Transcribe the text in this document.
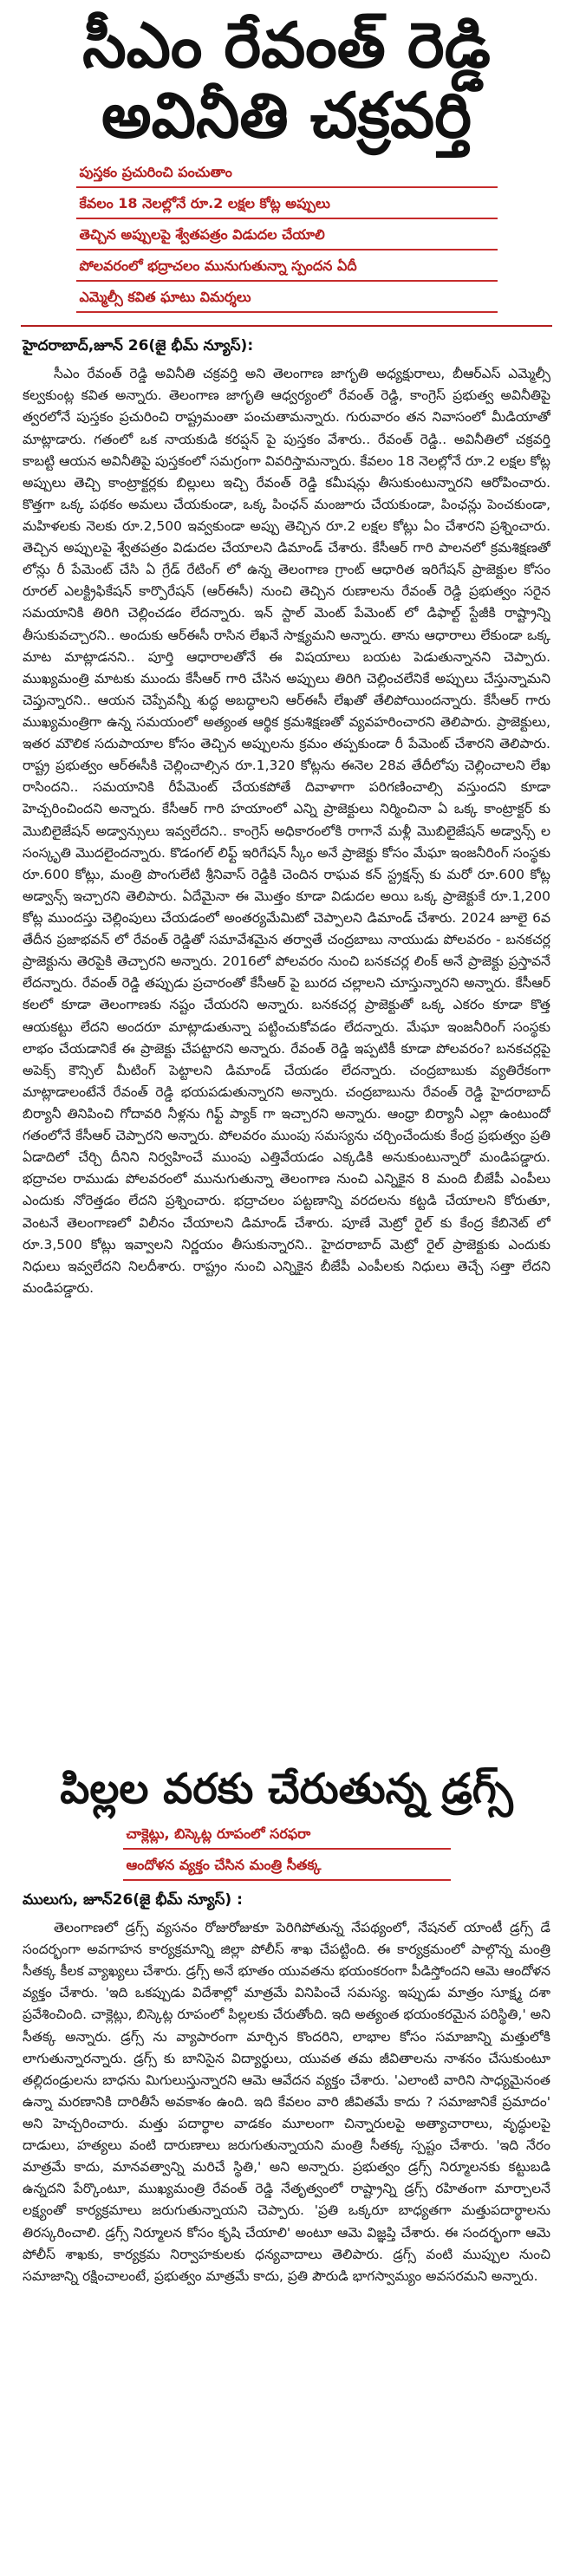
సీఎం రేవంత్ రెడ్డి
అవినీతి చక్రవర్తి
పుస్తకం ప్రచురించి పంచుతాం
కేవలం 18 నెలల్లోనే రూ.2 లక్షల కోట్ల అప్పులు
తెచ్చిన అప్పులపై శ్వేతపత్రం విడుదల చేయాలి
పోలవరంలో భద్రాచలం మునుగుతున్నా స్పందన ఏదీ
ఎమ్మెల్సీ కవిత ఘాటు విమర్శలు
హైదరాబాద్,జూన్ 26(జై భీమ్ న్యూస్):

సీఎం రేవంత్ రెడ్డి అవినీతి చక్రవర్తి అని తెలంగాణ జాగృతి అధ్యక్షురాలు, బీఆర్ఎస్ ఎమ్మెల్సీ కల్వకుంట్ల కవిత అన్నారు. తెలంగాణ జాగృతి ఆధ్వర్యంలో రేవంత్ రెడ్డి, కాంగ్రెస్ ప్రభుత్వ అవినీతిపై త్వరలోనే పుస్తకం ప్రచురించి రాష్ట్రమంతా పంచుతామన్నారు. గురువారం తన నివాసంలో మీడియాతో మాట్లాడారు. గతంలో ఒక నాయకుడి కరప్షన్ పై పుస్తకం వేశారు.. రేవంత్ రెడ్డి.. అవినీతిలో చక్రవర్తి కాబట్టి ఆయన అవినీతిపై పుస్తకంలో సమగ్రంగా వివరిస్తామన్నారు. కేవలం 18 నెలల్లోనే రూ.2 లక్షల కోట్ల అప్పులు తెచ్చి కాంట్రాక్టర్లకు బిల్లులు ఇచ్చి రేవంత్ రెడ్డి కమీషన్లు తీసుకుంటున్నారని ఆరోపించారు. కొత్తగా ఒక్క పథకం అమలు చేయకుండా, ఒక్క పింఛన్ మంజూరు చేయకుండా, పింఛన్లు పెంచకుండా, మహిళలకు నెలకు రూ.2,500 ఇవ్వకుండా అప్పు తెచ్చిన రూ.2 లక్షల కోట్లు ఏం చేశారని ప్రశ్నించారు. తెచ్చిన అప్పులపై శ్వేతపత్రం విడుదల చేయాలని డిమాండ్ చేశారు. కేసీఆర్ గారి పాలనలో క్రమశిక్షణతో లోన్లు రీ పేమెంట్ చేసి ఏ గ్రేడ్ రేటింగ్ లో ఉన్న తెలంగాణ గ్రాంట్ ఆధారిత ఇరిగేషన్ ప్రాజెక్టుల కోసం రూరల్ ఎలక్ట్రిఫికేషన్ కార్పొరేషన్ (ఆర్ఈసీ) నుంచి తెచ్చిన రుణాలను రేవంత్ రెడ్డి ప్రభుత్వం సరైన సమయానికి తిరిగి చెల్లించడం లేదన్నారు. ఇన్ స్టాల్ మెంట్ పేమెంట్ లో డిఫాల్ట్ స్టేజీకి రాష్ట్రాన్ని తీసుకువచ్చారని.. అందుకు ఆర్ఈసీ రాసిన లేఖనే సాక్ష్యమని అన్నారు. తాను ఆధారాలు లేకుండా ఒక్క మాట మాట్లాడనని.. పూర్తి ఆధారాలతోనే ఈ విషయాలు బయట పెడుతున్నానని చెప్పారు. ముఖ్యమంత్రి మాటకు ముందు కేసీఆర్ గారి చేసిన అప్పులు తిరిగి చెల్లించలేనికే అప్పులు చేస్తున్నామని చెప్తున్నారని.. ఆయన చెప్పేవన్నీ శుద్ధ అబద్ధాలని ఆర్ఈసీ లేఖతో తేలిపోయిందన్నారు. కేసీఆర్ గారు ముఖ్యమంత్రిగా ఉన్న సమయంలో అత్యంత ఆర్థిక క్రమశిక్షణతో వ్యవహరించారని తెలిపారు. ప్రాజెక్టులు, ఇతర మౌలిక సదుపాయాల కోసం తెచ్చిన అప్పులను క్రమం తప్పకుండా రీ పేమెంట్ చేశారని తెలిపారు. రాష్ట్ర ప్రభుత్వం ఆర్ఈసీకి చెల్లించాల్సిన రూ.1,320 కోట్లను ఈనెల 28వ తేదీలోపు చెల్లించాలని లేఖ రాసిందని.. సమయానికి రీపేమెంట్ చేయకపోతే దివాళాగా పరిగణించాల్సి వస్తుందని కూడా హెచ్చరించిందని అన్నారు. కేసీఆర్ గారి హయాంలో ఎన్ని ప్రాజెక్టులు నిర్మించినా ఏ ఒక్క కాంట్రాక్టర్ కు మొబిలైజేషన్ అడ్వాన్సులు ఇవ్వలేదని.. కాంగ్రెస్ అధికారంలోకి రాగానే మళ్లీ మొబిలైజేషన్ అడ్వాన్స్ ల సంస్కృతి మొదలైందన్నారు. కొడంగల్ లిఫ్ట్ ఇరిగేషన్ స్కీం అనే ప్రాజెక్టు కోసం మేఘా ఇంజనీరింగ్ సంస్థకు రూ.600 కోట్లు, మంత్రి పొంగులేటి శ్రీనివాస్ రెడ్డికి చెందిన రాఘవ కన్ స్ట్రక్షన్స్ కు మరో రూ.600 కోట్ల అడ్వాన్స్ ఇచ్చారని తెలిపారు. ఏదేమైనా ఈ మొత్తం కూడా విడుదల అయి ఒక్క ప్రాజెక్టుకే రూ.1,200 కోట్ల ముందస్తు చెల్లింపులు చేయడంలో అంతర్యమేమిటో చెప్పాలని డిమాండ్ చేశారు. 2024 జూలై 6వ తేదీన ప్రజాభవన్ లో రేవంత్ రెడ్డితో సమావేశమైన తర్వాతే చంద్రబాబు నాయుడు పోలవరం - బనకచర్ల ప్రాజెక్టును తెరపైకి తెచ్చారని అన్నారు. 2016లో పోలవరం నుంచి బనకచర్ల లింక్ అనే ప్రాజెక్టు ప్రస్తావనే లేదన్నారు. రేవంత్ రెడ్డి తప్పుడు ప్రచారంతో కేసీఆర్ పై బురద చల్లాలని చూస్తున్నారని అన్నారు. కేసీఆర్ కలలో కూడా తెలంగాణకు నష్టం చేయరని అన్నారు. బనకచర్ల ప్రాజెక్టుతో ఒక్క ఎకరం కూడా కొత్త ఆయకట్టు లేదని అందరూ మాట్లాడుతున్నా పట్టించుకోవడం లేదన్నారు. మేఘా ఇంజనీరింగ్ సంస్థకు లాభం చేయడానికే ఈ ప్రాజెక్టు చేపట్టారని అన్నారు. రేవంత్ రెడ్డి ఇప్పటికీ కూడా పోలవరం? బనకచర్లపై అపెక్స్ కౌన్సిల్ మీటింగ్ పెట్టాలని డిమాండ్ చేయడం లేదన్నారు. చంద్రబాబుకు వ్యతిరేకంగా మాట్లాడాలంటేనే రేవంత్ రెడ్డి భయపడుతున్నారని అన్నారు. చంద్రబాబును రేవంత్ రెడ్డి హైదరాబాద్ బిర్యానీ తినిపించి గోదావరి నీళ్లను గిఫ్ట్ ప్యాక్ గా ఇచ్చారని అన్నారు. ఆంధ్రా బిర్యానీ ఎల్లా ఉంటుందో గతంలోనే కేసీఆర్ చెప్పారని అన్నారు. పోలవరం ముంపు సమస్యను చర్చించేందుకు కేంద్ర ప్రభుత్వం ప్రతి ఏడాదిలో చేర్చి దీనిని నిర్వహించే ముంపు ఎత్తివేయడం ఎక్కడికి అనుకుంటున్నారో మండిపడ్డారు. భద్రాచల రాముడు పోలవరంలో మునుగుతున్నా తెలంగాణ నుంచి ఎన్నికైన 8 మంది బీజేపీ ఎంపీలు ఎందుకు నోరెత్తడం లేదని ప్రశ్నించారు. భద్రాచలం పట్టణాన్ని వరదలను కట్టడి చేయాలని కోరుతూ, వెంటనే తెలంగాణలో విలీనం చేయాలని డిమాండ్ చేశారు. పూణే మెట్రో రైల్ కు కేంద్ర కేబినెట్ లో రూ.3,500 కోట్లు ఇవ్వాలని నిర్ణయం తీసుకున్నారని.. హైదరాబాద్ మెట్రో రైల్ ప్రాజెక్టుకు ఎందుకు నిధులు ఇవ్వలేదని నిలదీశారు. రాష్ట్రం నుంచి ఎన్నికైన బీజేపీ ఎంపీలకు నిధులు తెచ్చే సత్తా లేదని మండిపడ్డారు.

పిల్లల వరకు చేరుతున్న డ్రగ్స్
చాక్లెట్లు, బిస్కెట్ల రూపంలో సరఫరా
ఆందోళన వ్యక్తం చేసిన మంత్రి సీతక్క
ములుగు, జూన్26(జై భీమ్ న్యూస్) :

తెలంగాణలో డ్రగ్స్ వ్యసనం రోజురోజుకూ పెరిగిపోతున్న నేపథ్యంలో, నేషనల్ యాంటీ డ్రగ్స్ డే సందర్భంగా అవగాహన కార్యక్రమాన్ని జిల్లా పోలీస్ శాఖ చేపట్టింది. ఈ కార్యక్రమంలో పాల్గొన్న మంత్రి సీతక్క కీలక వ్యాఖ్యలు చేశారు. డ్రగ్స్ అనే భూతం యువతను భయంకరంగా పీడిస్తోందని ఆమె ఆందోళన వ్యక్తం చేశారు. 'ఇది ఒకప్పుడు విదేశాల్లో మాత్రమే వినిపించే సమస్య. ఇప్పుడు మాత్రం సూక్ష్మ దశా ప్రవేశించింది. చాక్లెట్లు, బిస్కెట్ల రూపంలో పిల్లలకు చేరుతోంది. ఇది అత్యంత భయంకరమైన పరిస్థితి,' అని సీతక్క అన్నారు. డ్రగ్స్ ను వ్యాపారంగా మార్చిన కొందరిని, లాభాల కోసం సమాజాన్ని మత్తులోకి లాగుతున్నారన్నారు. డ్రగ్స్ కు బానిసైన విద్యార్థులు, యువత తమ జీవితాలను నాశనం చేసుకుంటూ తల్లిదండ్రులను బాధను మిగులుస్తున్నారని ఆమె ఆవేదన వ్యక్తం చేశారు. 'ఎలాంటి వారిని సాధ్యమైనంత ఉన్నా మరణానికి దారితీసే అవకాశం ఉంది. ఇది కేవలం వారి జీవితమే కాదు ? సమాజానికే ప్రమాదం' అని హెచ్చరించారు. మత్తు పదార్థాల వాడకం మూలంగా చిన్నారులపై అత్యాచారాలు, వృద్ధులపై దాడులు, హత్యలు వంటి దారుణాలు జరుగుతున్నాయని మంత్రి సీతక్క స్పష్టం చేశారు. 'ఇది నేరం మాత్రమే కాదు, మానవత్వాన్ని మరిచే స్థితి,' అని అన్నారు. ప్రభుత్వం డ్రగ్స్ నిర్మూలనకు కట్టుబడి ఉన్నదని పేర్కొంటూ, ముఖ్యమంత్రి రేవంత్ రెడ్డి నేతృత్వంలో రాష్ట్రాన్ని డ్రగ్స్ రహితంగా మార్చాలనే లక్ష్యంతో కార్యక్రమాలు జరుగుతున్నాయని చెప్పారు. 'ప్రతి ఒక్కరూ బాధ్యతగా మత్తుపదార్థాలను తిరస్కరించాలి. డ్రగ్స్ నిర్మూలన కోసం కృషి చేయాలి' అంటూ ఆమె విజ్ఞప్తి చేశారు. ఈ సందర్భంగా ఆమె పోలీస్ శాఖకు, కార్యక్రమ నిర్వాహకులకు ధన్యవాదాలు తెలిపారు. డ్రగ్స్ వంటి ముప్పుల నుంచి సమాజాన్ని రక్షించాలంటే, ప్రభుత్వం మాత్రమే కాదు, ప్రతి పౌరుడి భాగస్వామ్యం అవసరమని అన్నారు.
